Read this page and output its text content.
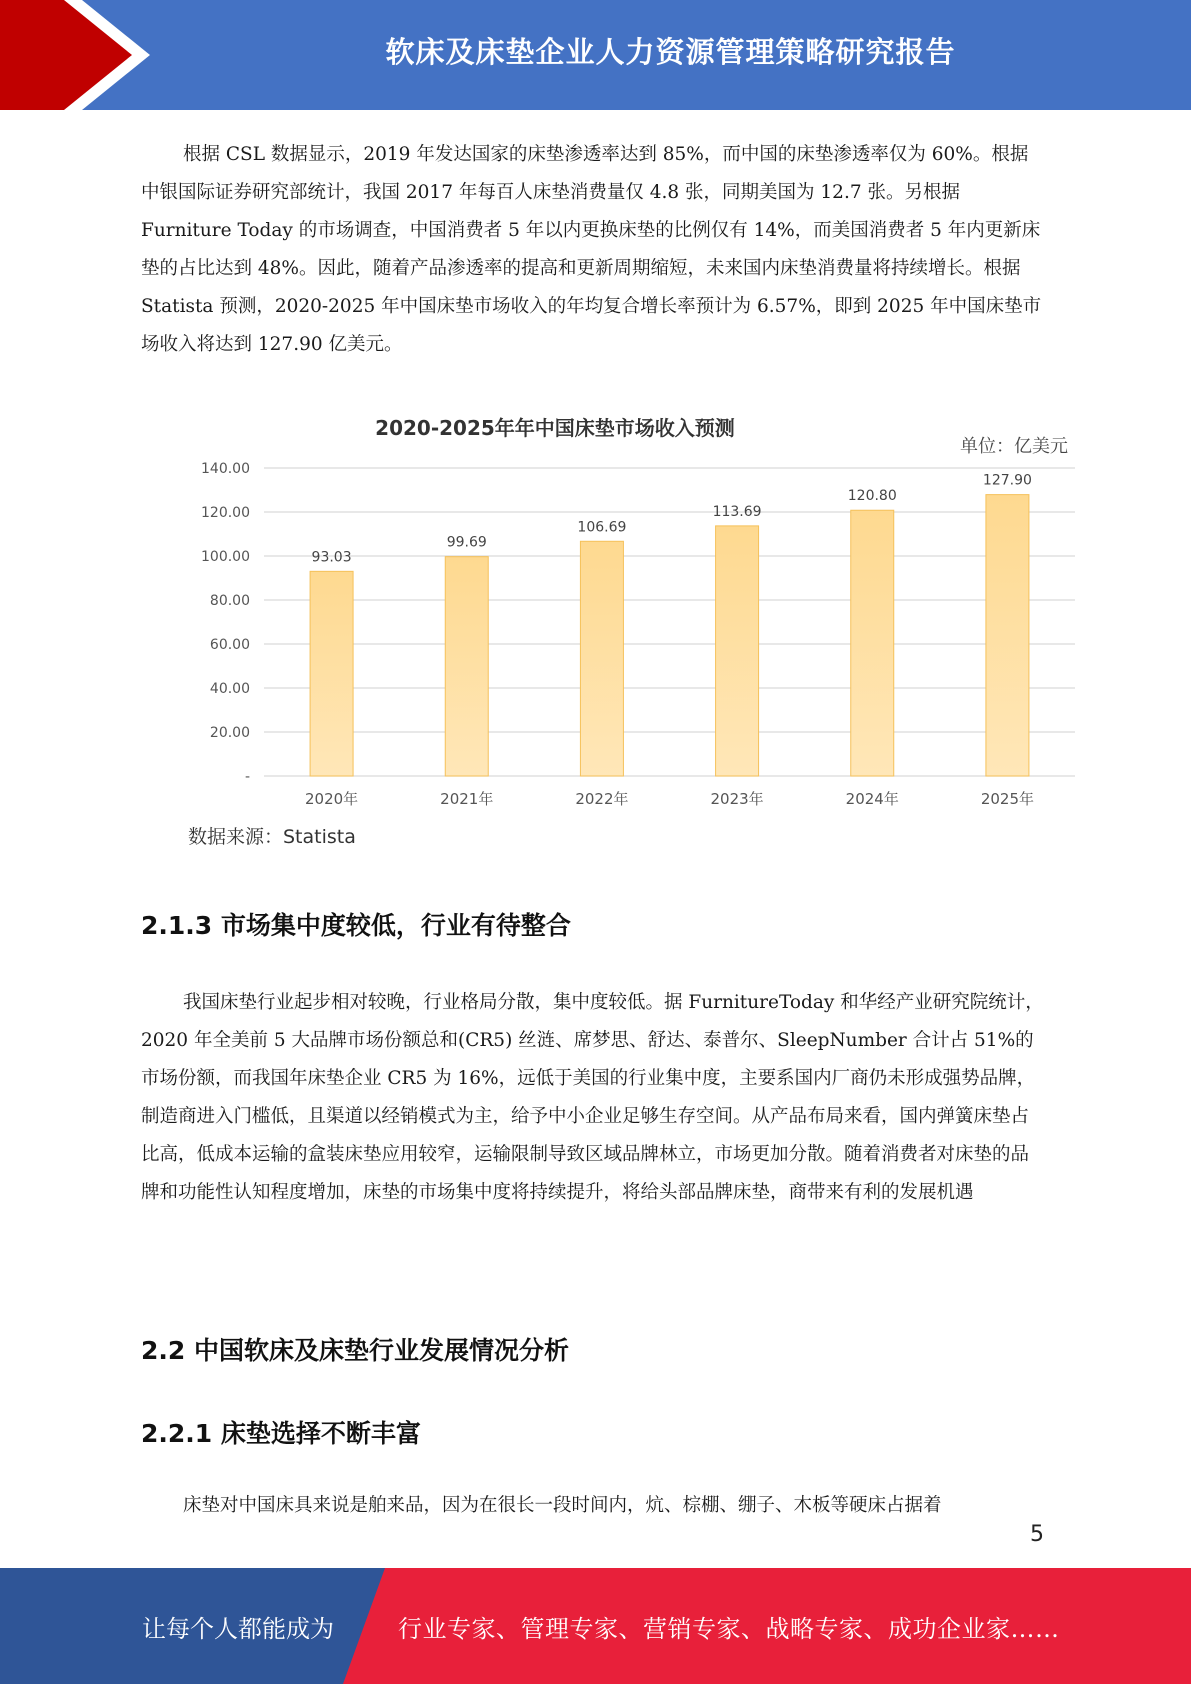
软床及床垫企业人力资源管理策略研究报告

根据 CSL 数据显示，2019 年发达国家的床垫渗透率达到 85%，而中国的床垫渗透率仅为 60%。根据中银国际证券研究部统计，我国 2017 年每百人床垫消费量仅 4.8 张，同期美国为 12.7 张。另根据 Furniture Today 的市场调查，中国消费者 5 年以内更换床垫的比例仅有 14%，而美国消费者 5 年内更新床垫的占比达到 48%。因此，随着产品渗透率的提高和更新周期缩短，未来国内床垫消费量将持续增长。根据 Statista 预测，2020-2025 年中国床垫市场收入的年均复合增长率预计为 6.57%，即到 2025 年中国床垫市场收入将达到 127.90 亿美元。

2020-2025年年中国床垫市场收入预测
单位：亿美元
-
20.00
40.00
60.00
80.00
100.00
120.00
140.00
93.03
2020年
99.69
2021年
106.69
2022年
113.69
2023年
120.80
2024年
127.90
2025年
数据来源：Statista
2.1.3 市场集中度较低，行业有待整合

我国床垫行业起步相对较晚，行业格局分散，集中度较低。据 FurnitureToday 和华经产业研究院统计，2020 年全美前 5 大品牌市场份额总和(CR5) 丝涟、席梦思、舒达、泰普尔、SleepNumber 合计占 51%的市场份额，而我国年床垫企业 CR5 为 16%，远低于美国的行业集中度，主要系国内厂商仍未形成强势品牌，制造商进入门槛低，且渠道以经销模式为主，给予中小企业足够生存空间。从产品布局来看，国内弹簧床垫占比高，低成本运输的盒装床垫应用较窄，运输限制导致区域品牌林立，市场更加分散。随着消费者对床垫的品牌和功能性认知程度增加，床垫的市场集中度将持续提升，将给头部品牌床垫，商带来有利的发展机遇

2.2 中国软床及床垫行业发展情况分析
2.2.1 床垫选择不断丰富

床垫对中国床具来说是舶来品，因为在很长一段时间内，炕、棕棚、绷子、木板等硬床占据着

5
让每个人都能成为	行业专家、管理专家、营销专家、战略专家、成功企业家……
